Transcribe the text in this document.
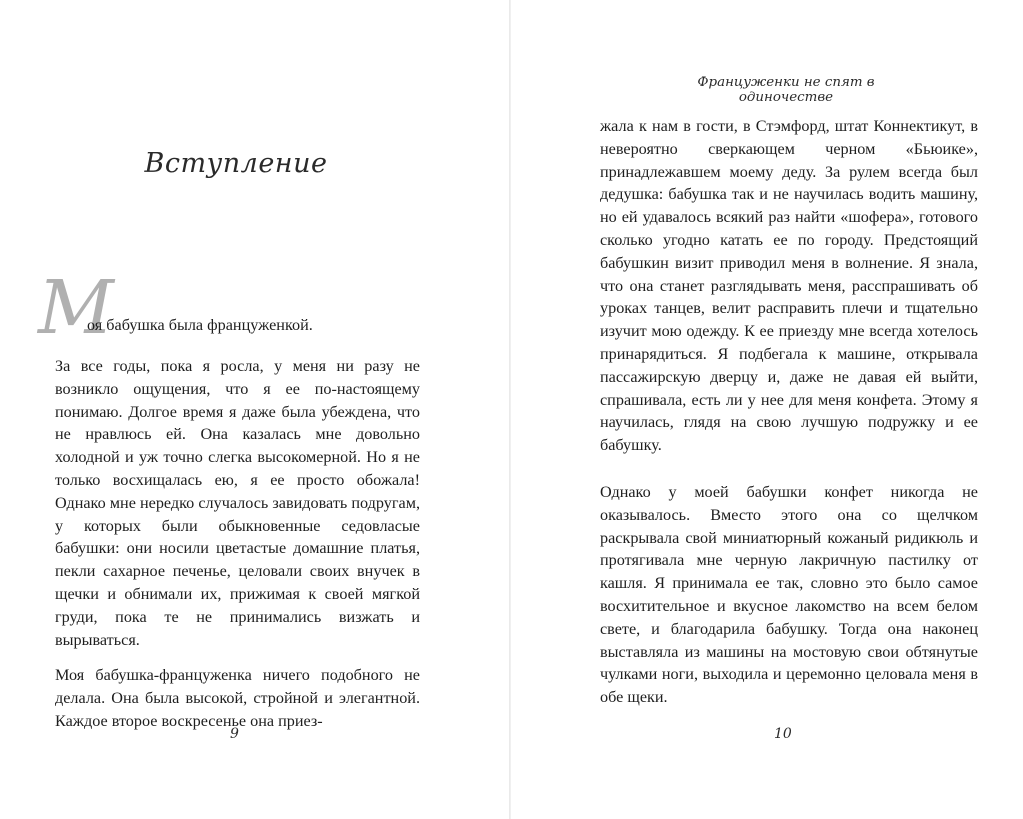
Вступление
М
оя бабушка была француженкой.

За все годы, пока я росла, у меня ни разу не возникло ощущения, что я ее по-настоящему понимаю. Долгое время я даже была убеждена, что не нравлюсь ей. Она казалась мне довольно холодной и уж точно слегка высокомерной. Но я не только восхищалась ею, я ее просто обожала! Однако мне нередко случалось завидовать подругам, у которых были обыкновенные седовласые бабушки: они носили цветастые домашние платья, пекли сахарное печенье, целовали своих внучек в щечки и обнимали их, прижимая к своей мягкой груди, пока те не принимались визжать и вырываться.

Моя бабушка-француженка ничего подобного не делала. Она была высокой, стройной и элегантной. Каждое второе воскресенье она приез-

9
Француженки не спят в одиночестве

жала к нам в гости, в Стэмфорд, штат Коннектикут, в невероятно сверкающем черном «Бьюике», принадлежавшем моему деду. За рулем всегда был дедушка: бабушка так и не научилась водить машину, но ей удавалось всякий раз найти «шофера», готового сколько угодно катать ее по городу. Предстоящий бабушкин визит приводил меня в волнение. Я знала, что она станет разглядывать меня, расспрашивать об уроках танцев, велит расправить плечи и тщательно изучит мою одежду. К ее приезду мне всегда хотелось принарядиться. Я подбегала к машине, открывала пассажирскую дверцу и, даже не давая ей выйти, спрашивала, есть ли у нее для меня конфета. Этому я научилась, глядя на свою лучшую подружку и ее бабушку.

Однако у моей бабушки конфет никогда не оказывалось. Вместо этого она со щелчком раскрывала свой миниатюрный кожаный ридикюль и протягивала мне черную лакричную пастилку от кашля. Я принимала ее так, словно это было самое восхитительное и вкусное лакомство на всем белом свете, и благодарила бабушку. Тогда она наконец выставляла из машины на мостовую свои обтянутые чулками ноги, выходила и церемонно целовала меня в обе щеки.

10
